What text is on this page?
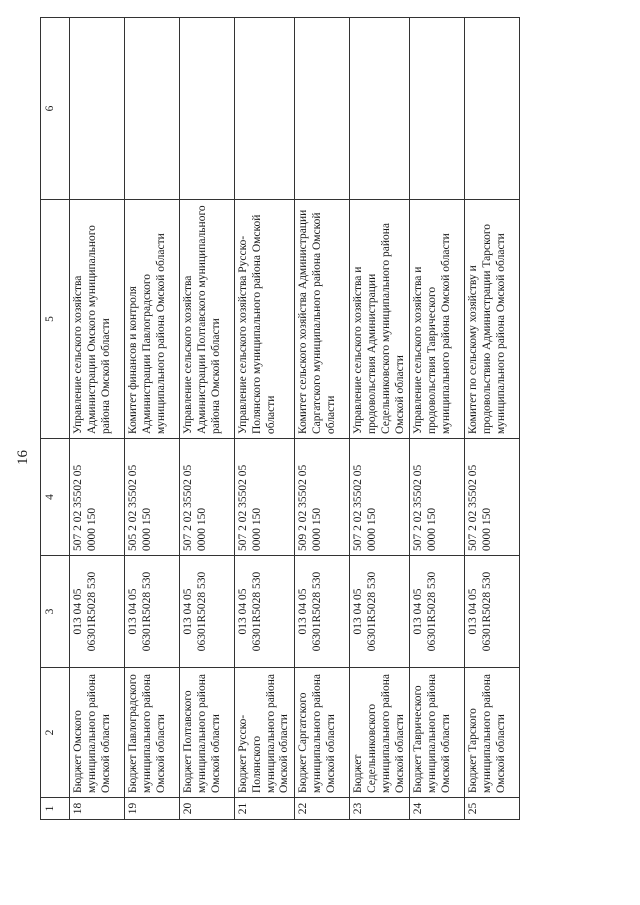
16
1	2	3	4	5	6
18	Бюджет Омского муниципального района Омской области	013 04 05 06301R5028 530	507 2 02 35502 05 0000 150	Управление сельского хозяйства Администрации Омского муниципального района Омской области	
19	Бюджет Павлоградского муниципального района Омской области	013 04 05 06301R5028 530	505 2 02 35502 05 0000 150	Комитет финансов и контроля Администрации Павлоградского муниципального района Омской области	
20	Бюджет Полтавского муниципального района Омской области	013 04 05 06301R5028 530	507 2 02 35502 05 0000 150	Управление сельского хозяйства Администрации Полтавского муниципального района Омской области	
21	Бюджет Русско-Полянского муниципального района Омской области	013 04 05 06301R5028 530	507 2 02 35502 05 0000 150	Управление сельского хозяйства Русско-Полянского муниципального района Омской области	
22	Бюджет Саргатского муниципального района Омской области	013 04 05 06301R5028 530	509 2 02 35502 05 0000 150	Комитет сельского хозяйства Администрации Саргатского муниципального района Омской области	
23	Бюджет Седельниковского муниципального района Омской области	013 04 05 06301R5028 530	507 2 02 35502 05 0000 150	Управление сельского хозяйства и продовольствия Администрации Седельниковского муниципального района Омской области	
24	Бюджет Таврического муниципального района Омской области	013 04 05 06301R5028 530	507 2 02 35502 05 0000 150	Управление сельского хозяйства и продовольствия Таврического муниципального района Омской области	
25	Бюджет Тарского муниципального района Омской области	013 04 05 06301R5028 530	507 2 02 35502 05 0000 150	Комитет по сельскому хозяйству и продовольствию Администрации Тарского муниципального района Омской области	
